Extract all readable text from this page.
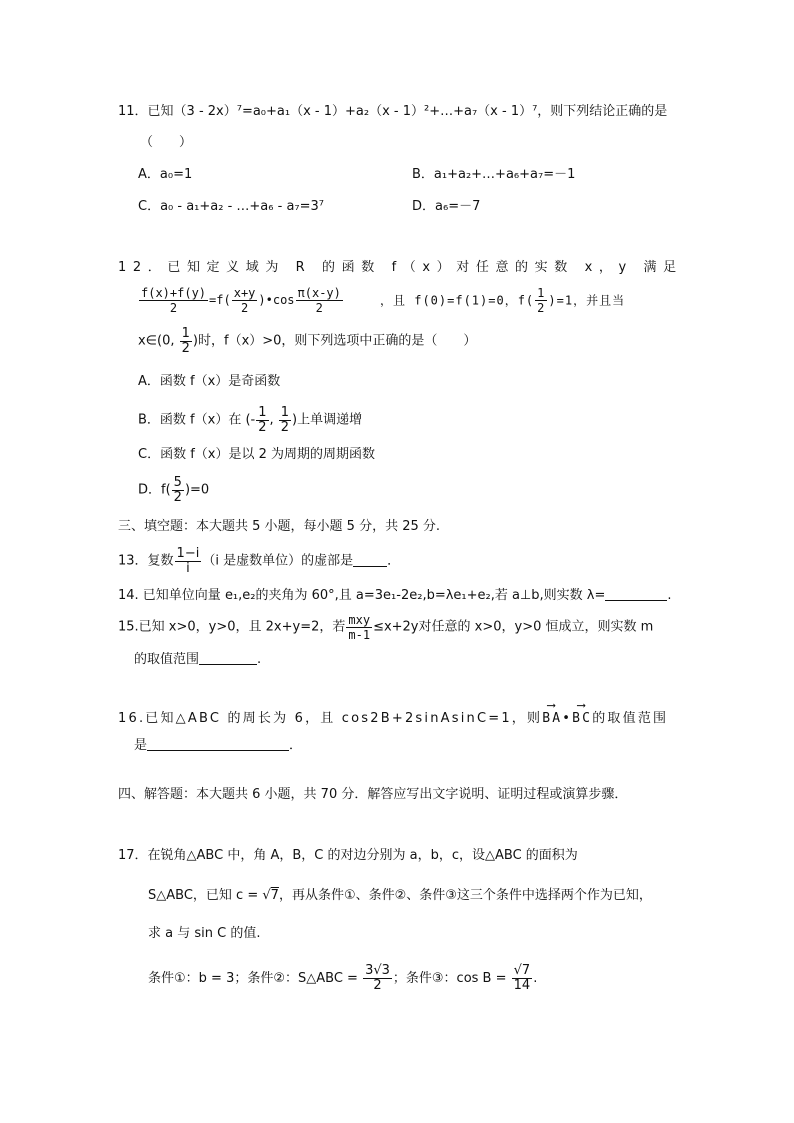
11．已知（3 - 2x）⁷=a₀+a₁（x - 1）+a₂（x - 1）²+…+a₇（x - 1）⁷，则下列结论正确的是
（　　）
A．a₀=1	B．a₁+a₂+…+a₆+a₇=－1
C．a₀ - a₁+a₂ - …+a₆ - a₇=3⁷	D．a₆=－7
12．已知定义域为 R 的函数 f（x）对任意的实数 x，y 满足
$\frac{f(x)+f(y)}{2} =f( \frac{x+y}{2}$ )•cos $\frac{\pi(x-y)}{2}$	，且 f(0)=f(1)=0，$f( \frac{1}{2} )=1$，并且当
x∈(0, $\frac{1}{2}$ )时，f（x）>0，则下列选项中正确的是（　　）
A．函数 f（x）是奇函数
B．函数 f（x）在 (- $\frac{1}{2}$ , $\frac{1}{2}$ )上单调递增
C．函数 f（x）是以 2 为周期的周期函数
D．$f( \frac{5}{2} )=0$
三、填空题：本大题共 5 小题，每小题 5 分，共 25 分.
13．复数 $\frac{1-i}{i} (i$ 是虚数单位）的虚部是	．
14. 已知单位向量 e₁,e₂的夹角为 60°,且 a=3e₁-2e₂,b=λe₁+e₂,若 a⊥b,则实数 λ=	.
15.已知 x>0，y>0，且 2x+y=2，若 $\frac{\text{mxy}}{m-1} \le x+2y$对任意的 x>0，y>0 恒成立，则实数 m
的取值范围	.
16.已知△ABC 的周长为 6，且 cos2B+2sinAsinC=1，则⟶ BA•⟶ BC的取值范围
是	．
四、解答题：本大题共 6 小题，共 70 分．解答应写出文字说明、证明过程或演算步骤．
17．在锐角△ABC 中，角 A，B，C 的对边分别为 a，b，c，设△ABC 的面积为
S△ABC，已知 c = √7，再从条件①、条件②、条件③这三个条件中选择两个作为已知，
求 a 与 sin C 的值.
条件①：b = 3；条件②：S△ABC = $\frac{3√3}{2}$ ；条件③：$\cos B = \frac{√7}{14}$ .
